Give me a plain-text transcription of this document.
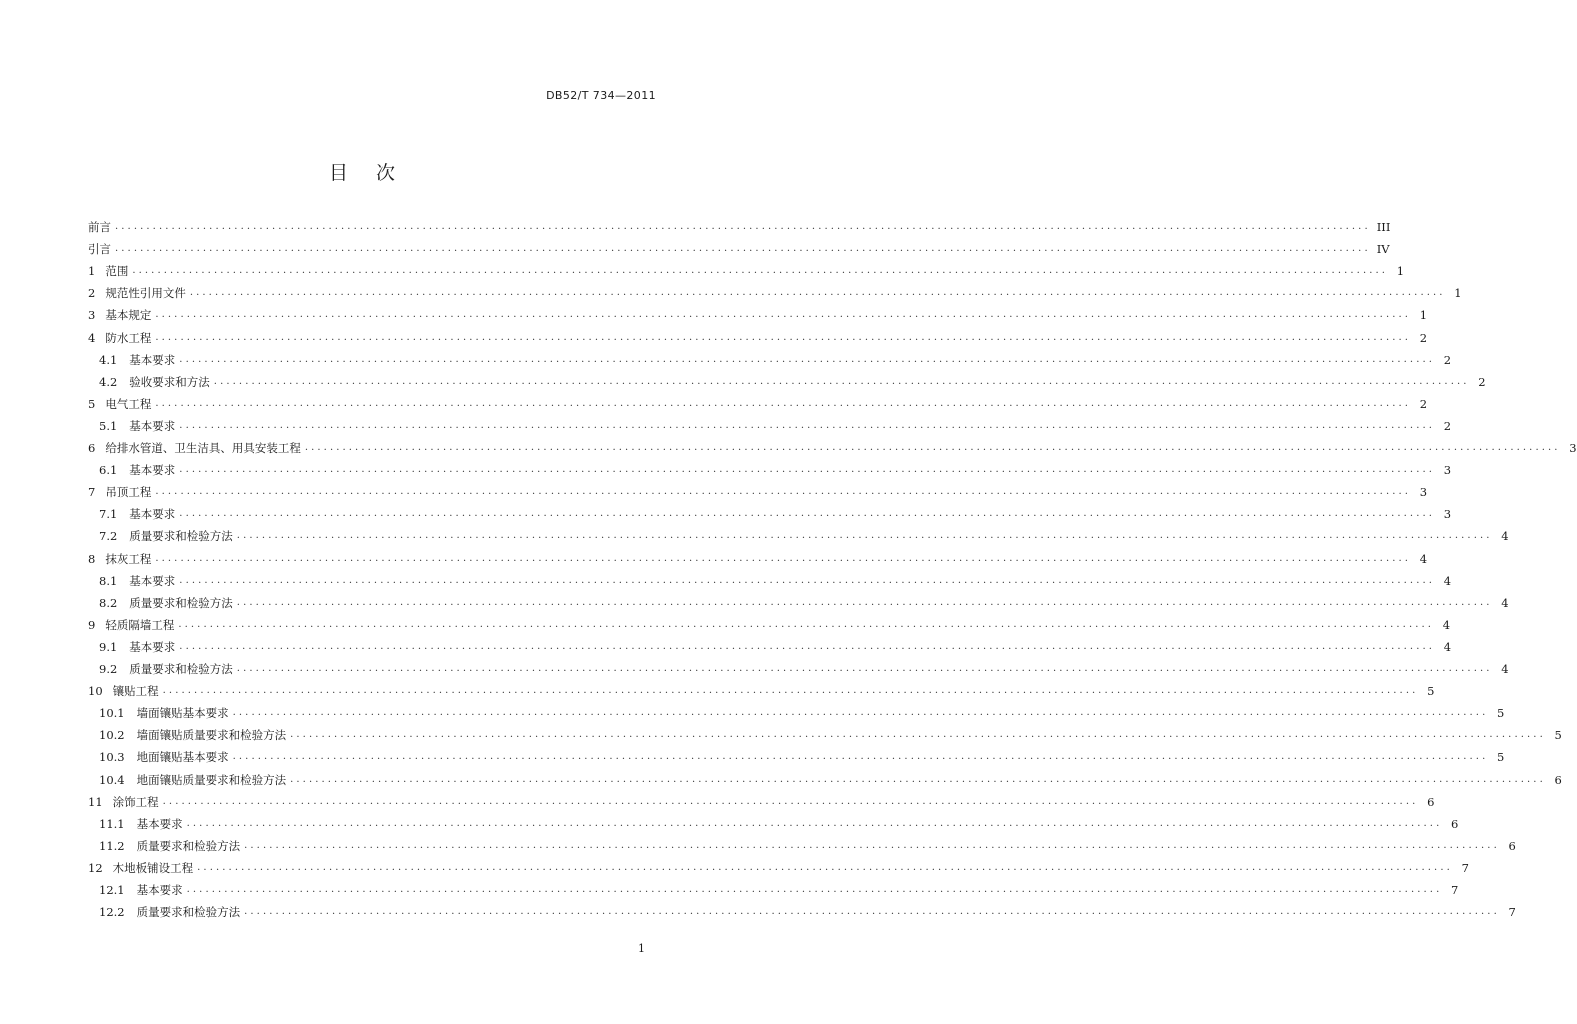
DB52/T 734—2011
目 次
前言 ........................................................................................................................................................................................................ III
引言 ........................................................................................................................................................................................................ IV
1 范围 ........................................................................................................................................................................................................ 1
2 规范性引用文件 ........................................................................................................................................................................................................ 1
3 基本规定 ........................................................................................................................................................................................................ 1
4 防水工程 ........................................................................................................................................................................................................ 2
4.1 基本要求 ........................................................................................................................................................................................................ 2
4.2 验收要求和方法 ........................................................................................................................................................................................................ 2
5 电气工程 ........................................................................................................................................................................................................ 2
5.1 基本要求 ........................................................................................................................................................................................................ 2
6 给排水管道、卫生洁具、用具安装工程 ........................................................................................................................................................................................................ 3
6.1 基本要求 ........................................................................................................................................................................................................ 3
7 吊顶工程 ........................................................................................................................................................................................................ 3
7.1 基本要求 ........................................................................................................................................................................................................ 3
7.2 质量要求和检验方法 ........................................................................................................................................................................................................ 4
8 抹灰工程 ........................................................................................................................................................................................................ 4
8.1 基本要求 ........................................................................................................................................................................................................ 4
8.2 质量要求和检验方法 ........................................................................................................................................................................................................ 4
9 轻质隔墙工程 ........................................................................................................................................................................................................ 4
9.1 基本要求 ........................................................................................................................................................................................................ 4
9.2 质量要求和检验方法 ........................................................................................................................................................................................................ 4
10 镶贴工程 ........................................................................................................................................................................................................ 5
10.1 墙面镶贴基本要求 ........................................................................................................................................................................................................ 5
10.2 墙面镶贴质量要求和检验方法 ........................................................................................................................................................................................................ 5
10.3 地面镶贴基本要求 ........................................................................................................................................................................................................ 5
10.4 地面镶贴质量要求和检验方法 ........................................................................................................................................................................................................ 6
11 涂饰工程 ........................................................................................................................................................................................................ 6
11.1 基本要求 ........................................................................................................................................................................................................ 6
11.2 质量要求和检验方法 ........................................................................................................................................................................................................ 6
12 木地板铺设工程 ........................................................................................................................................................................................................ 7
12.1 基本要求 ........................................................................................................................................................................................................ 7
12.2 质量要求和检验方法 ........................................................................................................................................................................................................ 7
1
